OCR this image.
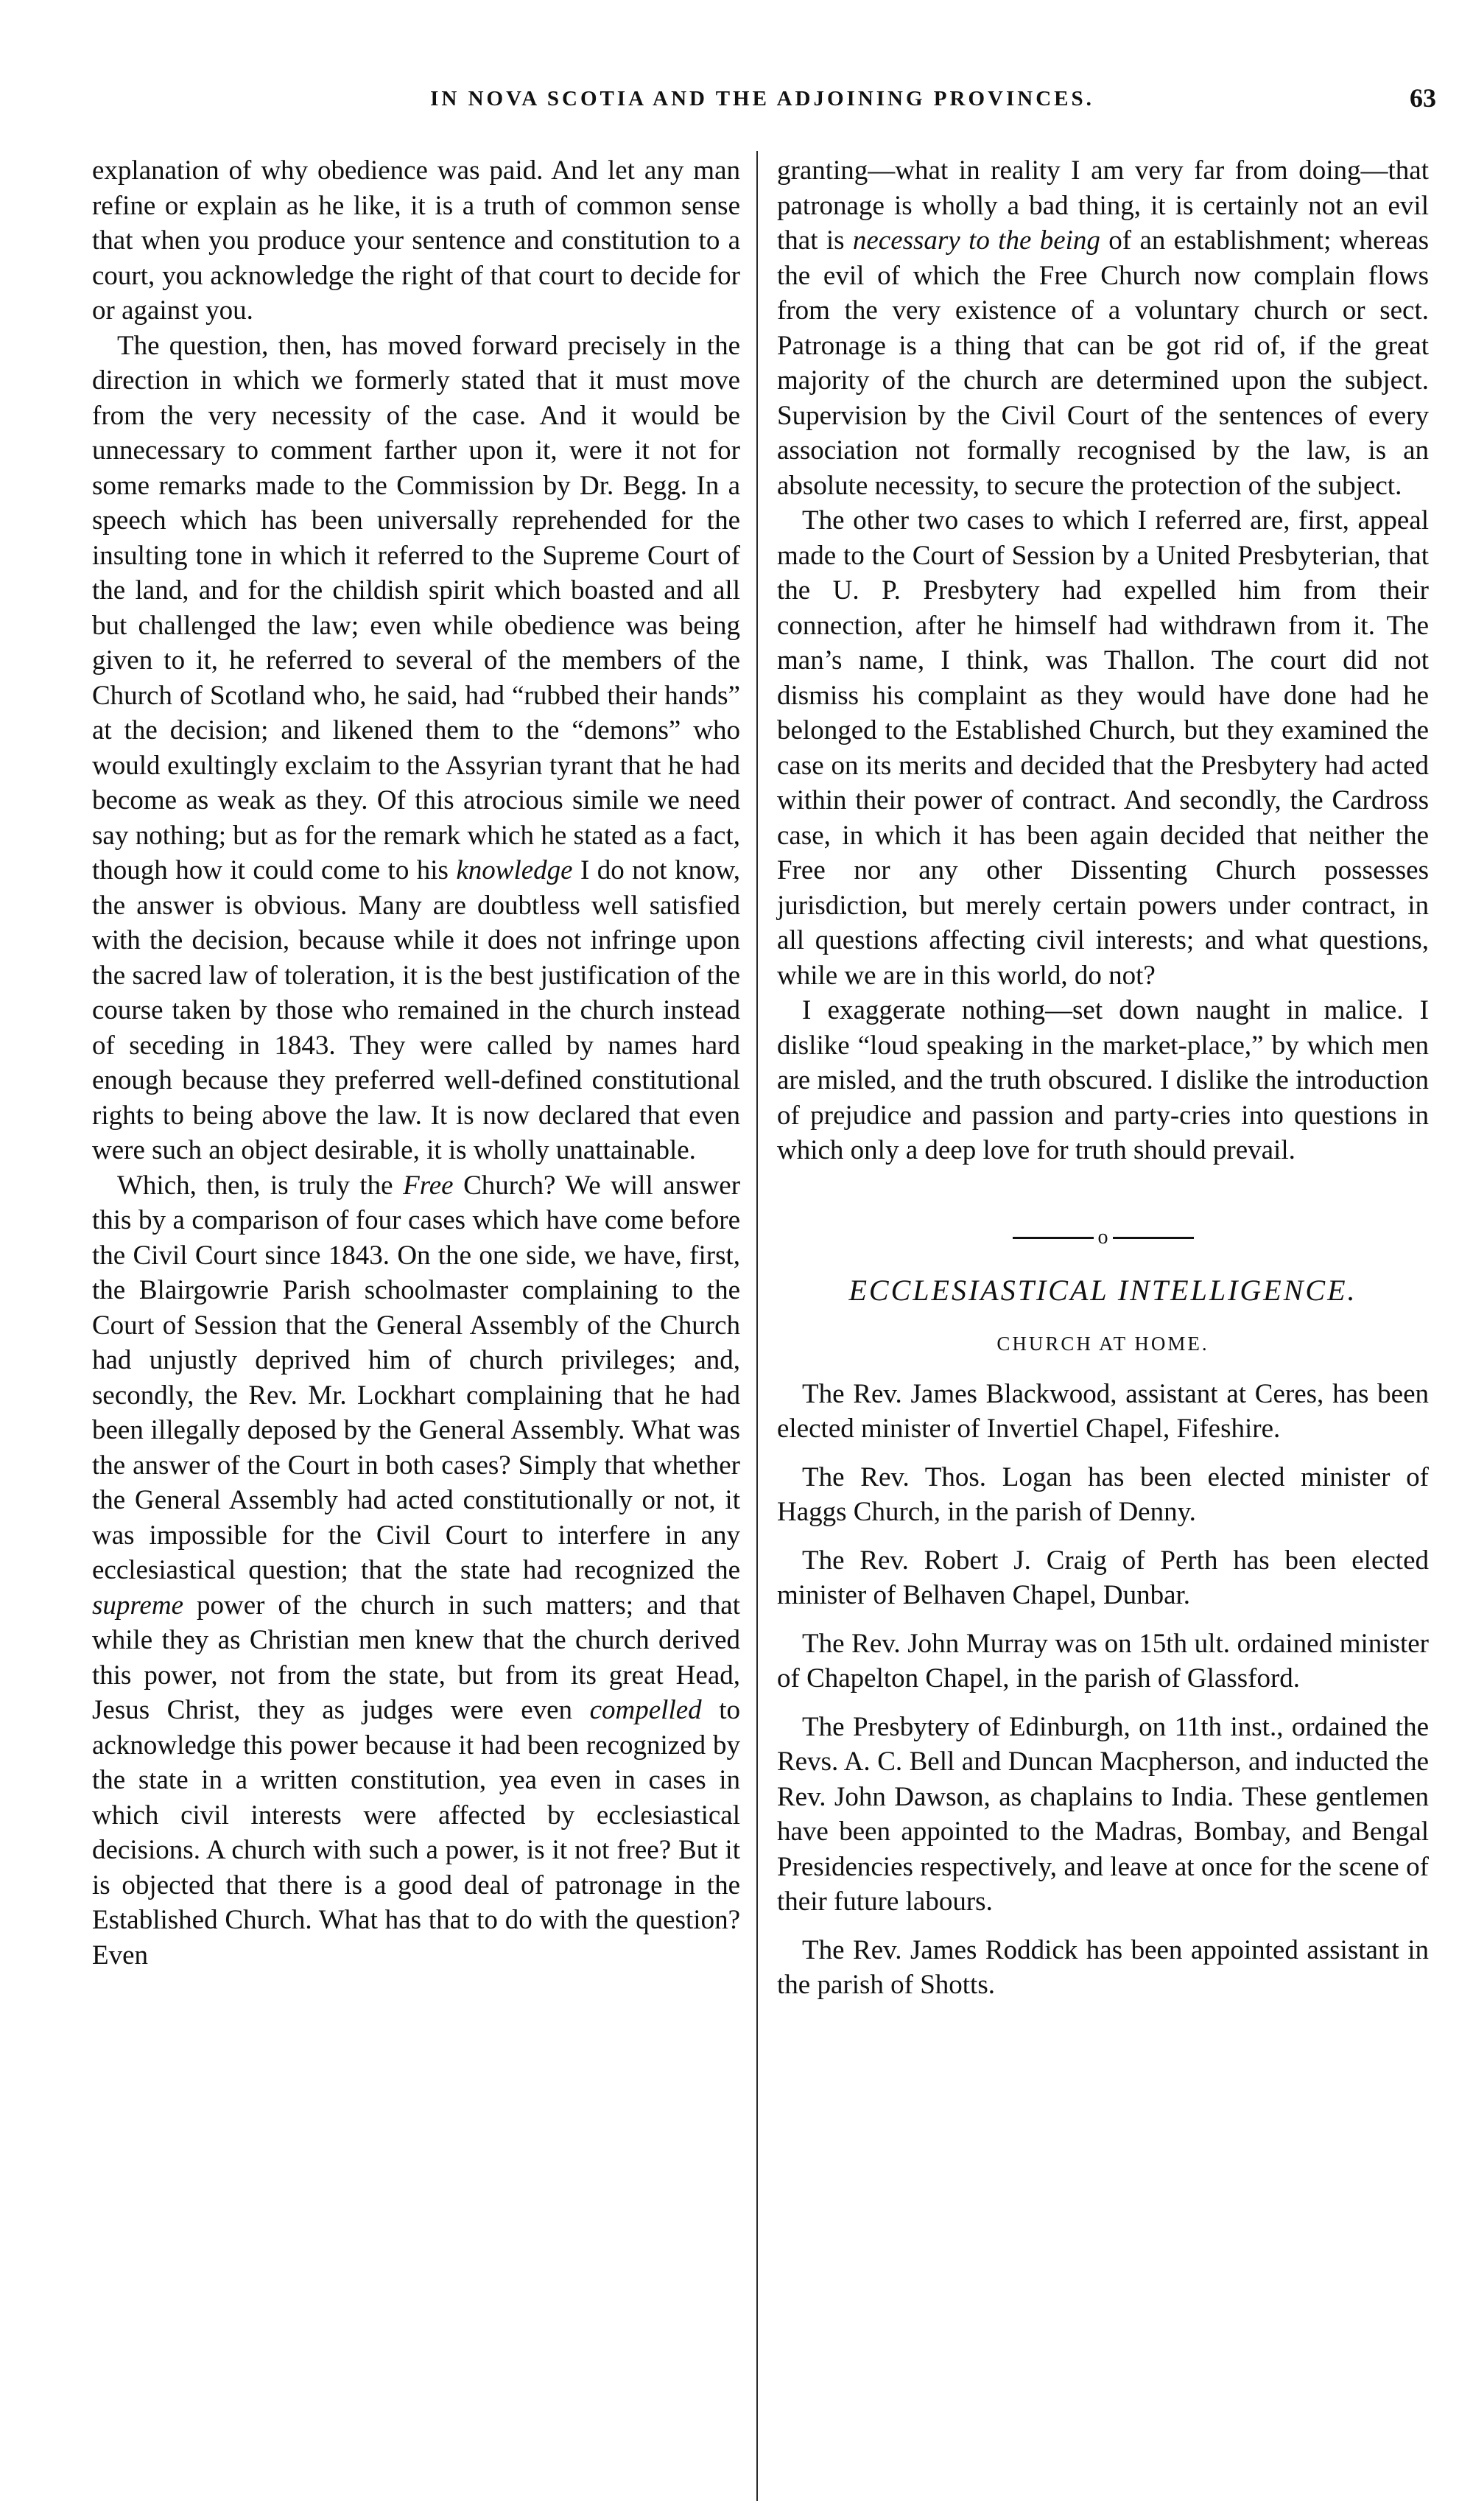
IN NOVA SCOTIA AND THE ADJOINING PROVINCES.	63

explanation of why obedience was paid. And let any man refine or explain as he like, it is a truth of common sense that when you produce your sentence and constitution to a court, you acknowledge the right of that court to decide for or against you.

The question, then, has moved forward precisely in the direction in which we formerly stated that it must move from the very necessity of the case. And it would be unnecessary to comment farther upon it, were it not for some remarks made to the Commission by Dr. Begg. In a speech which has been universally reprehended for the insulting tone in which it referred to the Supreme Court of the land, and for the childish spirit which boasted and all but challenged the law; even while obedience was being given to it, he referred to several of the members of the Church of Scotland who, he said, had “rubbed their hands” at the decision; and likened them to the “demons” who would exultingly exclaim to the Assyrian tyrant that he had become as weak as they. Of this atrocious simile we need say nothing; but as for the remark which he stated as a fact, though how it could come to his knowledge I do not know, the answer is obvious. Many are doubtless well satisfied with the decision, because while it does not infringe upon the sacred law of toleration, it is the best justification of the course taken by those who remained in the church instead of seceding in 1843. They were called by names hard enough because they preferred well-defined constitutional rights to being above the law. It is now declared that even were such an object desirable, it is wholly unattainable.

Which, then, is truly the Free Church? We will answer this by a comparison of four cases which have come before the Civil Court since 1843. On the one side, we have, first, the Blairgowrie Parish schoolmaster complaining to the Court of Session that the General Assembly of the Church had unjustly deprived him of church privileges; and, secondly, the Rev. Mr. Lockhart complaining that he had been illegally deposed by the General Assembly. What was the answer of the Court in both cases? Simply that whether the General Assembly had acted constitutionally or not, it was impossible for the Civil Court to interfere in any ecclesiastical question; that the state had recognized the supreme power of the church in such matters; and that while they as Christian men knew that the church derived this power, not from the state, but from its great Head, Jesus Christ, they as judges were even compelled to acknowledge this power because it had been recognized by the state in a written constitution, yea even in cases in which civil interests were affected by ecclesiastical decisions. A church with such a power, is it not free? But it is objected that there is a good deal of patronage in the Established Church. What has that to do with the question? Even

granting—what in reality I am very far from doing—that patronage is wholly a bad thing, it is certainly not an evil that is necessary to the being of an establishment; whereas the evil of which the Free Church now complain flows from the very existence of a voluntary church or sect. Patronage is a thing that can be got rid of, if the great majority of the church are determined upon the subject. Supervision by the Civil Court of the sentences of every association not formally recognised by the law, is an absolute necessity, to secure the protection of the subject.

The other two cases to which I referred are, first, appeal made to the Court of Session by a United Presbyterian, that the U. P. Presbytery had expelled him from their connection, after he himself had withdrawn from it. The man’s name, I think, was Thallon. The court did not dismiss his complaint as they would have done had he belonged to the Established Church, but they examined the case on its merits and decided that the Presbytery had acted within their power of contract. And secondly, the Cardross case, in which it has been again decided that neither the Free nor any other Dissenting Church possesses jurisdiction, but merely certain powers under contract, in all questions affecting civil interests; and what questions, while we are in this world, do not?

I exaggerate nothing—set down naught in malice. I dislike “loud speaking in the market-place,” by which men are misled, and the truth obscured. I dislike the introduction of prejudice and passion and party-cries into questions in which only a deep love for truth should prevail.

o
ECCLESIASTICAL INTELLIGENCE.
CHURCH AT HOME.

The Rev. James Blackwood, assistant at Ceres, has been elected minister of Invertiel Chapel, Fifeshire.

The Rev. Thos. Logan has been elected minister of Haggs Church, in the parish of Denny.

The Rev. Robert J. Craig of Perth has been elected minister of Belhaven Chapel, Dunbar.

The Rev. John Murray was on 15th ult. ordained minister of Chapelton Chapel, in the parish of Glassford.

The Presbytery of Edinburgh, on 11th inst., ordained the Revs. A. C. Bell and Duncan Macpherson, and inducted the Rev. John Dawson, as chaplains to India. These gentlemen have been appointed to the Madras, Bombay, and Bengal Presidencies respectively, and leave at once for the scene of their future labours.

The Rev. James Roddick has been appointed assistant in the parish of Shotts.
